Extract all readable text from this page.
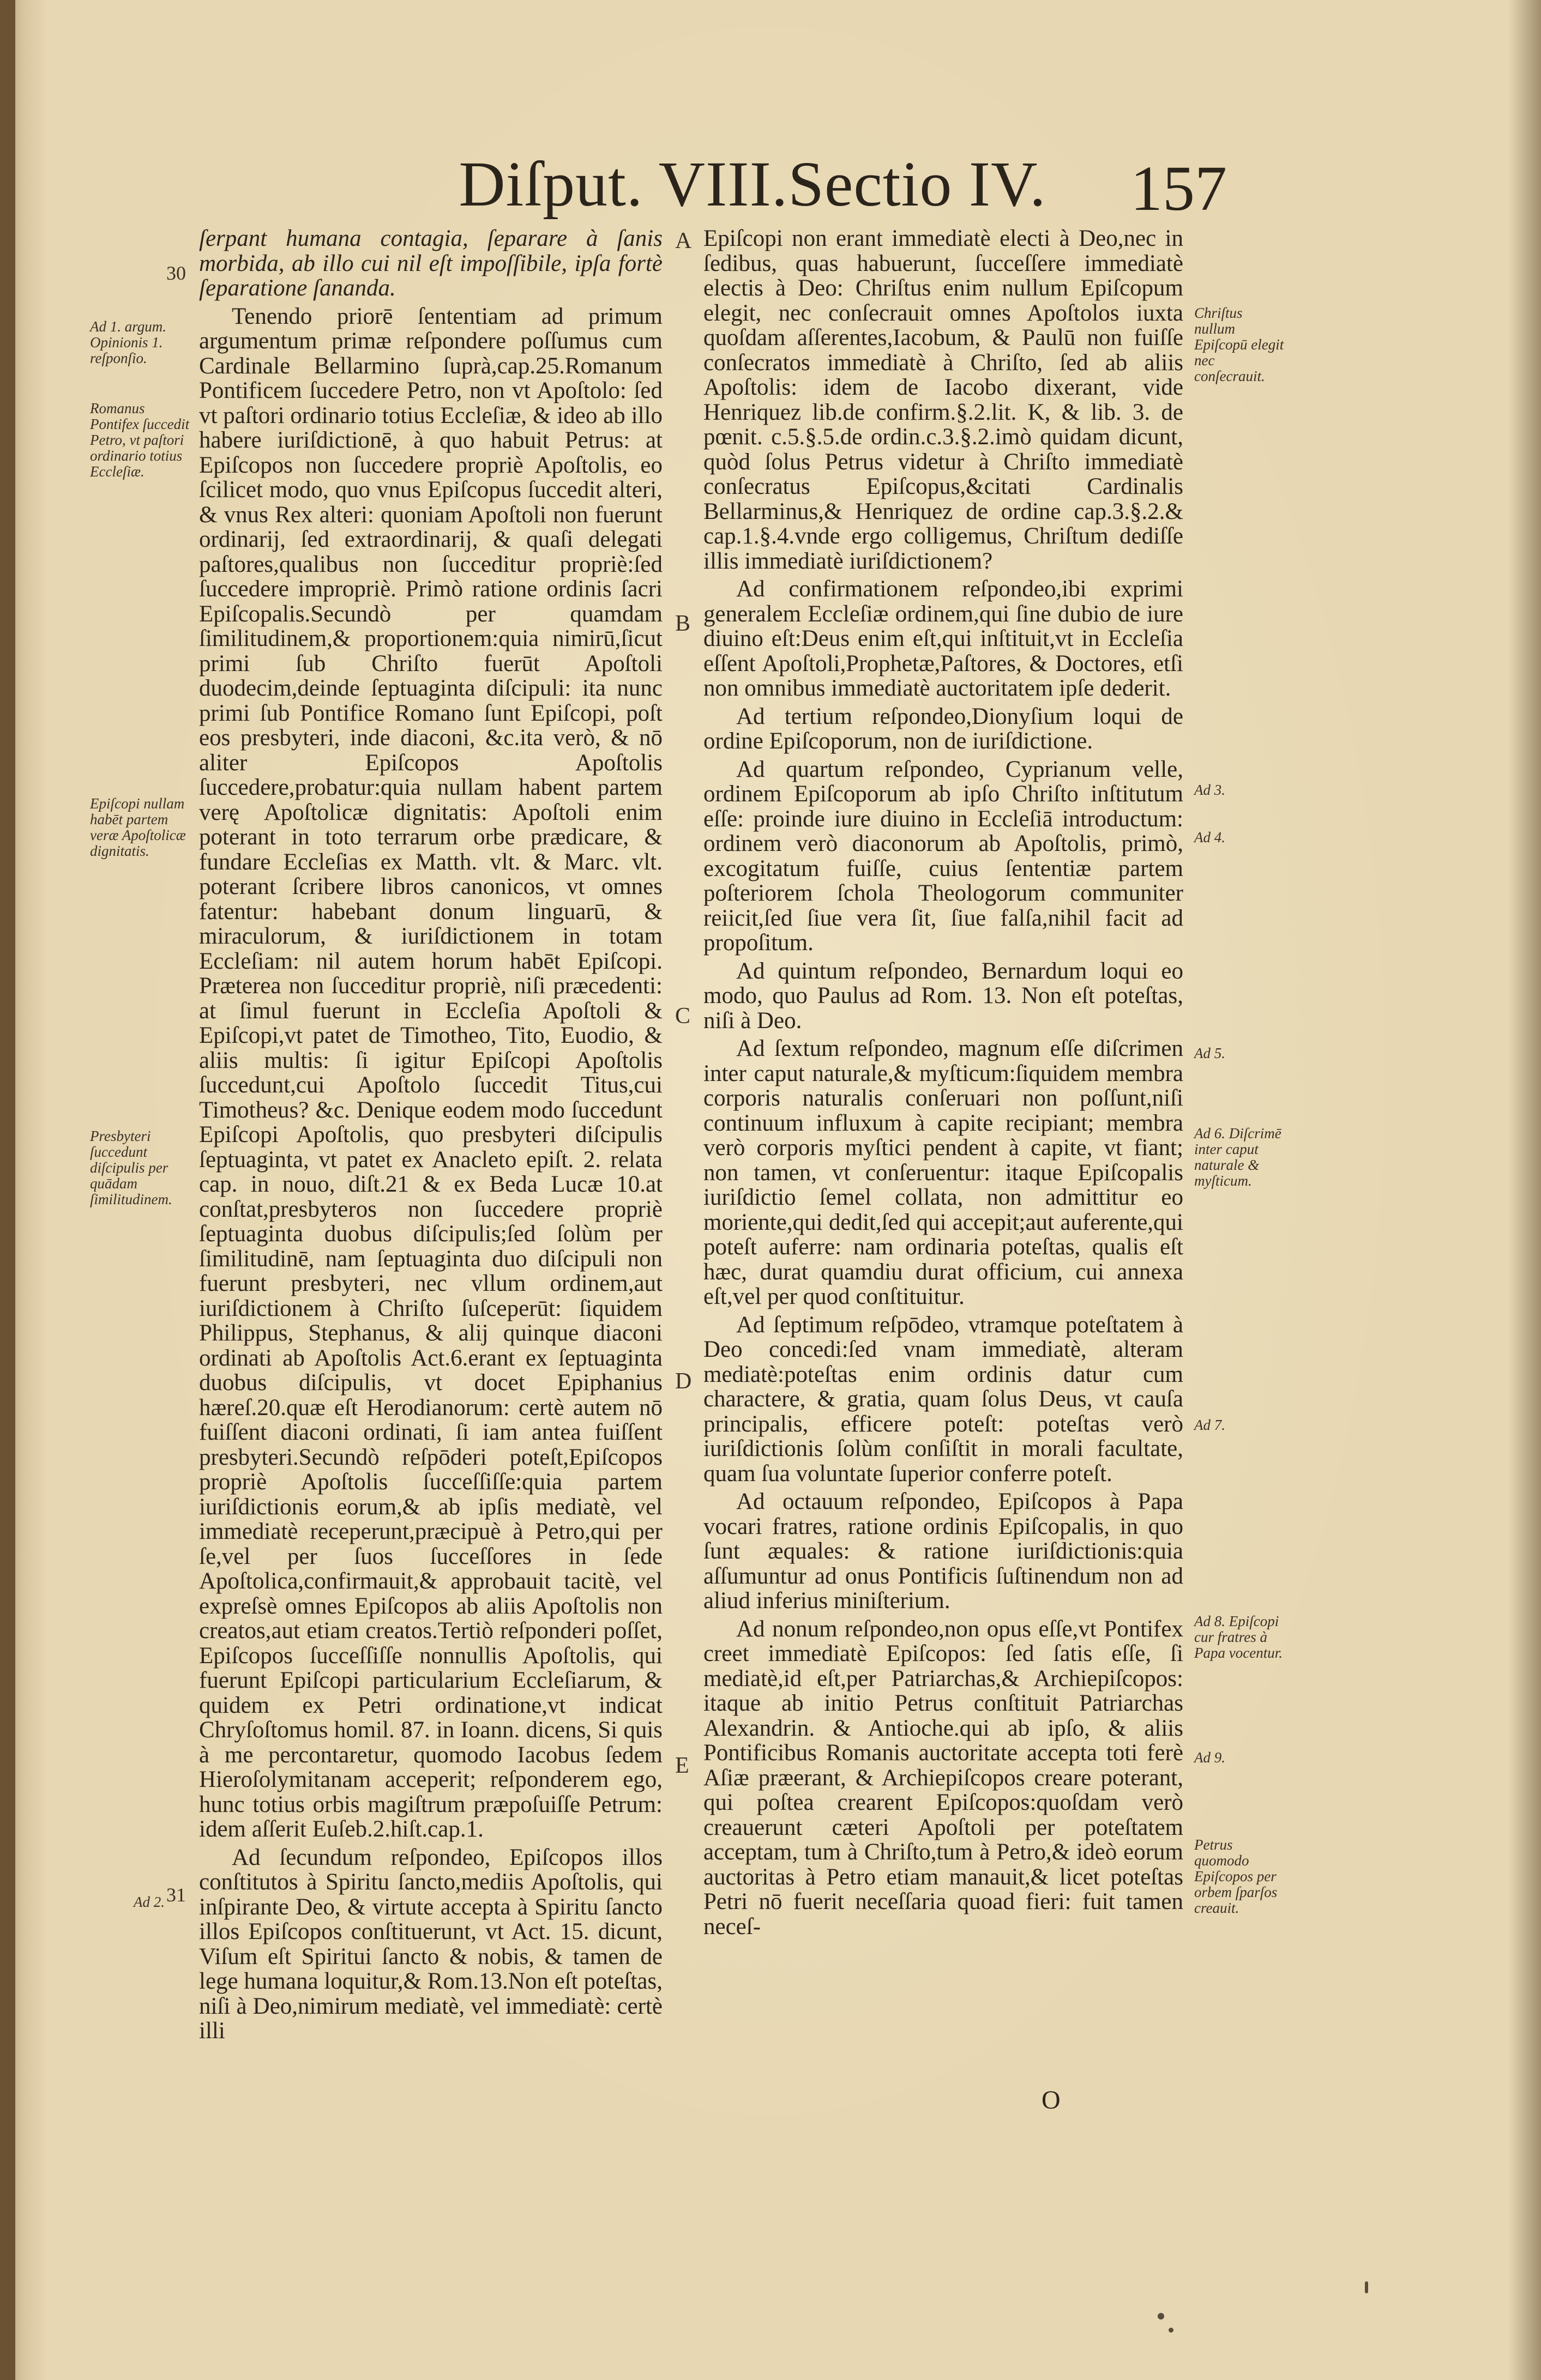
Diſput. VIII.Sectio IV.	157
30
31
A
B
C
D
E
Ad 1. argum. Opinionis 1. reſponſio.
Romanus Pontifex ſuccedit Petro, vt paſtori ordinario totius Eccleſiæ.
Epiſcopi nullam habēt partem veræ Apoſtolicæ dignitatis.
Presbyteri ſuccedunt diſcipulis per quādam ſimilitudinem.
Ad 2.

ſerpant humana contagia, ſeparare à ſanis morbida, ab illo cui nil eſt impoſſibile, ipſa fortè ſeparatione ſananda.

Tenendo priorē ſententiam ad primum argumentum primæ reſpondere poſſumus cum Cardinale Bellarmino ſuprà,cap.25.Romanum Pontificem ſuccedere Petro, non vt Apoſtolo: ſed vt paſtori ordinario totius Eccleſiæ, & ideo ab illo habere iuriſdictionē, à quo habuit Petrus: at Epiſcopos non ſuccedere propriè Apoſtolis, eo ſcilicet modo, quo vnus Epiſcopus ſuccedit alteri, & vnus Rex alteri: quoniam Apoſtoli non fuerunt ordinarij, ſed extraordinarij, & quaſi delegati paſtores,qualibus non ſucceditur propriè:ſed ſuccedere impropriè. Primò ratione ordinis ſacri Epiſcopalis.Secundò per quamdam ſimilitudinem,& proportionem:quia nimirū,ſicut primi ſub Chriſto fuerūt Apoſtoli duodecim,deinde ſeptuaginta diſcipuli: ita nunc primi ſub Pontifice Romano ſunt Epiſcopi, poſt eos presbyteri, inde diaconi, &c.ita verò, & nō aliter Epiſcopos Apoſtolis ſuccedere,probatur:quia nullam habent partem verę Apoſtolicæ dignitatis: Apoſtoli enim poterant in toto terrarum orbe prædicare, & fundare Eccleſias ex Matth. vlt. & Marc. vlt. poterant ſcribere libros canonicos, vt omnes fatentur: habebant donum linguarū, & miraculorum, & iuriſdictionem in totam Eccleſiam: nil autem horum habēt Epiſcopi. Præterea non ſucceditur propriè, niſi præcedenti: at ſimul fuerunt in Eccleſia Apoſtoli & Epiſcopi,vt patet de Timotheo, Tito, Euodio, & aliis multis: ſi igitur Epiſcopi Apoſtolis ſuccedunt,cui Apoſtolo ſuccedit Titus,cui Timotheus? &c. Denique eodem modo ſuccedunt Epiſcopi Apoſtolis, quo presbyteri diſcipulis ſeptuaginta, vt patet ex Anacleto epiſt. 2. relata cap. in nouo, diſt.21 & ex Beda Lucæ 10.at conſtat,presbyteros non ſuccedere propriè ſeptuaginta duobus diſcipulis;ſed ſolùm per ſimilitudinē, nam ſeptuaginta duo diſcipuli non fuerunt presbyteri, nec vllum ordinem,aut iuriſdictionem à Chriſto ſuſceperūt: ſiquidem Philippus, Stephanus, & alij quinque diaconi ordinati ab Apoſtolis Act.6.erant ex ſeptuaginta duobus diſcipulis, vt docet Epiphanius hæreſ.20.quæ eſt Herodianorum: certè autem nō fuiſſent diaconi ordinati, ſi iam antea fuiſſent presbyteri.Secundò reſpōderi poteſt,Epiſcopos propriè Apoſtolis ſucceſſiſſe:quia partem iuriſdictionis eorum,& ab ipſis mediatè, vel immediatè receperunt,præcipuè à Petro,qui per ſe,vel per ſuos ſucceſſores in ſede Apoſtolica,confirmauit,& approbauit tacitè, vel expreſsè omnes Epiſcopos ab aliis Apoſtolis non creatos,aut etiam creatos.Tertiò reſponderi poſſet, Epiſcopos ſucceſſiſſe nonnullis Apoſtolis, qui fuerunt Epiſcopi particularium Eccleſiarum, & quidem ex Petri ordinatione,vt indicat Chryſoſtomus homil. 87. in Ioann. dicens, Si quis à me percontaretur, quomodo Iacobus ſedem Hieroſolymitanam acceperit; reſponderem ego, hunc totius orbis magiſtrum præpoſuiſſe Petrum: idem aſſerit Euſeb.2.hiſt.cap.1.

Ad ſecundum reſpondeo, Epiſcopos illos conſtitutos à Spiritu ſancto,mediis Apoſtolis, qui inſpirante Deo, & virtute accepta à Spiritu ſancto illos Epiſcopos conſtituerunt, vt Act. 15. dicunt, Viſum eſt Spiritui ſancto & nobis, & tamen de lege humana loquitur,& Rom.13.Non eſt poteſtas, niſi à Deo,nimirum mediatè, vel immediatè: certè illi

Epiſcopi non erant immediatè electi à Deo,nec in ſedibus, quas habuerunt, ſucceſſere immediatè electis à Deo: Chriſtus enim nullum Epiſcopum elegit, nec conſecrauit omnes Apoſtolos iuxta quoſdam aſſerentes,Iacobum, & Paulū non fuiſſe conſecratos immediatè à Chriſto, ſed ab aliis Apoſtolis: idem de Iacobo dixerant, vide Henriquez lib.de confirm.§.2.lit. K, & lib. 3. de pœnit. c.5.§.5.de ordin.c.3.§.2.imò quidam dicunt, quòd ſolus Petrus videtur à Chriſto immediatè conſecratus Epiſcopus,&citati Cardinalis Bellarminus,& Henriquez de ordine cap.3.§.2.& cap.1.§.4.vnde ergo colligemus, Chriſtum dediſſe illis immediatè iuriſdictionem?

Ad confirmationem reſpondeo,ibi exprimi generalem Eccleſiæ ordinem,qui ſine dubio de iure diuino eſt:Deus enim eſt,qui inſtituit,vt in Eccleſia eſſent Apoſtoli,Prophetæ,Paſtores, & Doctores, etſi non omnibus immediatè auctoritatem ipſe dederit.

Ad tertium reſpondeo,Dionyſium loqui de ordine Epiſcoporum, non de iuriſdictione.

Ad quartum reſpondeo, Cyprianum velle, ordinem Epiſcoporum ab ipſo Chriſto inſtitutum eſſe: proinde iure diuino in Eccleſiā introductum: ordinem verò diaconorum ab Apoſtolis, primò, excogitatum fuiſſe, cuius ſententiæ partem poſteriorem ſchola Theologorum communiter reiicit,ſed ſiue vera ſit, ſiue falſa,nihil facit ad propoſitum.

Ad quintum reſpondeo, Bernardum loqui eo modo, quo Paulus ad Rom. 13. Non eſt poteſtas, niſi à Deo.

Ad ſextum reſpondeo, magnum eſſe diſcrimen inter caput naturale,& myſticum:ſiquidem membra corporis naturalis conſeruari non poſſunt,niſi continuum influxum à capite recipiant; membra verò corporis myſtici pendent à capite, vt fiant; non tamen, vt conſeruentur: itaque Epiſcopalis iuriſdictio ſemel collata, non admittitur eo moriente,qui dedit,ſed qui accepit;aut auferente,qui poteſt auferre: nam ordinaria poteſtas, qualis eſt hæc, durat quamdiu durat officium, cui annexa eſt,vel per quod conſtituitur.

Ad ſeptimum reſpōdeo, vtramque poteſtatem à Deo concedi:ſed vnam immediatè, alteram mediatè:poteſtas enim ordinis datur cum charactere, & gratia, quam ſolus Deus, vt cauſa principalis, efficere poteſt: poteſtas verò iuriſdictionis ſolùm conſiſtit in morali facultate, quam ſua voluntate ſuperior conferre poteſt.

Ad octauum reſpondeo, Epiſcopos à Papa vocari fratres, ratione ordinis Epiſcopalis, in quo ſunt æquales: & ratione iuriſdictionis:quia aſſumuntur ad onus Pontificis ſuſtinendum non ad aliud inferius miniſterium.

Ad nonum reſpondeo,non opus eſſe,vt Pontifex creet immediatè Epiſcopos: ſed ſatis eſſe, ſi mediatè,id eſt,per Patriarchas,& Archiepiſcopos: itaque ab initio Petrus conſtituit Patriarchas Alexandrin. & Antioche.qui ab ipſo, & aliis Pontificibus Romanis auctoritate accepta toti ferè Aſiæ præerant, & Archiepiſcopos creare poterant, qui poſtea crearent Epiſcopos:quoſdam verò creauerunt cæteri Apoſtoli per poteſtatem acceptam, tum à Chriſto,tum à Petro,& ideò eorum auctoritas à Petro etiam manauit,& licet poteſtas Petri nō fuerit neceſſaria quoad fieri: fuit tamen neceſ-

Chriſtus nullum Epiſcopū elegit nec conſecrauit.
Ad 3.
Ad 4.
Ad 5.
Ad 6. Diſcrimē inter caput naturale & myſticum.
Ad 7.
Ad 8. Epiſcopi cur fratres à Papa vocentur.
Ad 9.
Petrus quomodo Epiſcopos per orbem ſparſos creauit.
O
